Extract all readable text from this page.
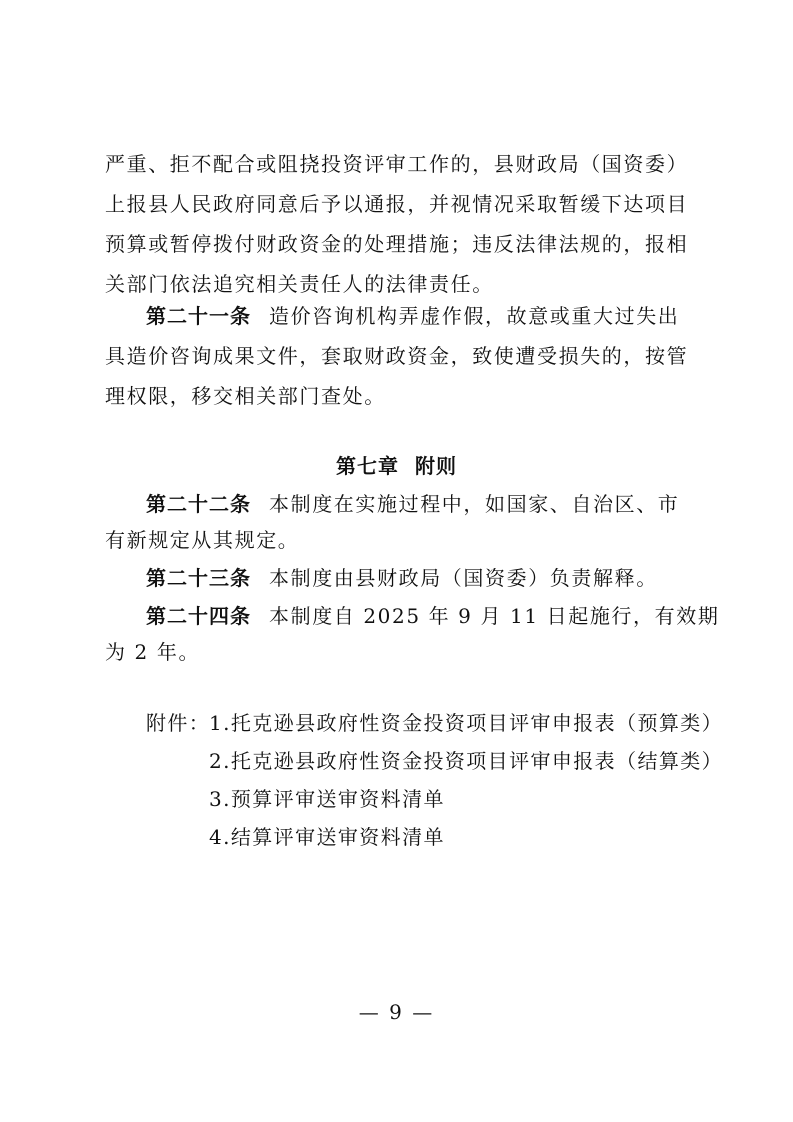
严重、拒不配合或阻挠投资评审工作的，县财政局（国资委）
上报县人民政府同意后予以通报，并视情况采取暂缓下达项目
预算或暂停拨付财政资金的处理措施；违反法律法规的，报相
关部门依法追究相关责任人的法律责任。
第二十一条 造价咨询机构弄虚作假，故意或重大过失出
具造价咨询成果文件，套取财政资金，致使遭受损失的，按管
理权限，移交相关部门查处。
第七章 附则
第二十二条 本制度在实施过程中，如国家、自治区、市
有新规定从其规定。
第二十三条 本制度由县财政局（国资委）负责解释。
第二十四条 本制度自 2025 年 9 月 11 日起施行，有效期
为 2 年。
附件：
1.托克逊县政府性资金投资项目评审申报表（预算类）
2.托克逊县政府性资金投资项目评审申报表（结算类）
3.预算评审送审资料清单
4.结算评审送审资料清单
— 9 —
